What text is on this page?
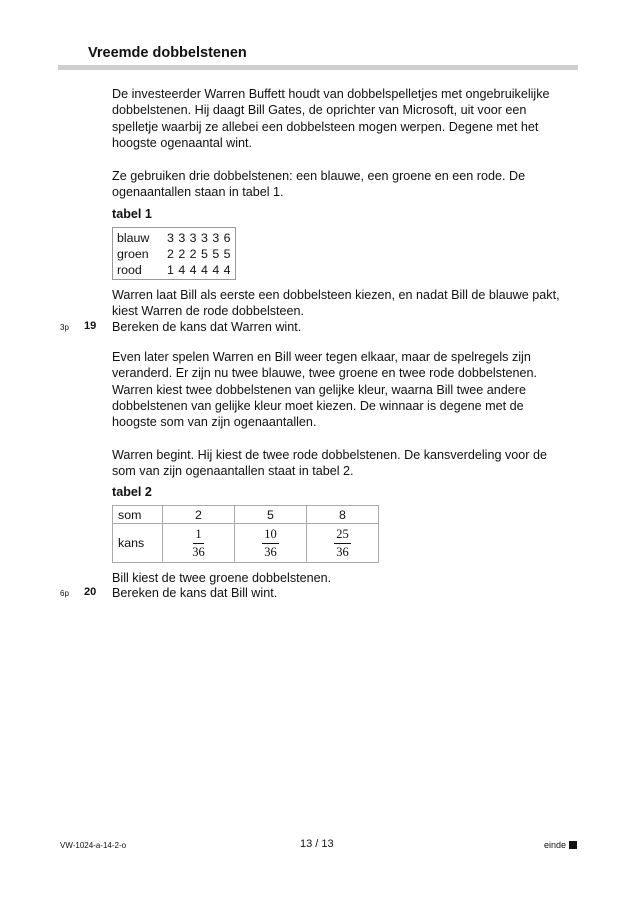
Vreemde dobbelstenen

De investeerder Warren Buffett houdt van dobbelspelletjes met ongebruikelijke dobbelstenen. Hij daagt Bill Gates, de oprichter van Microsoft, uit voor een spelletje waarbij ze allebei een dobbelsteen mogen werpen. Degene met het hoogste ogenaantal wint.

Ze gebruiken drie dobbelstenen: een blauwe, een groene en een rode. De ogenaantallen staan in tabel 1.

tabel 1
blauw	3 3 3 3 3 6
groen	2 2 2 5 5 5
rood	1 4 4 4 4 4

Warren laat Bill als eerste een dobbelsteen kiezen, en nadat Bill de blauwe pakt, kiest Warren de rode dobbelsteen.

3p 19 Bereken de kans dat Warren wint.

Even later spelen Warren en Bill weer tegen elkaar, maar de spelregels zijn veranderd. Er zijn nu twee blauwe, twee groene en twee rode dobbelstenen. Warren kiest twee dobbelstenen van gelijke kleur, waarna Bill twee andere dobbelstenen van gelijke kleur moet kiezen. De winnaar is degene met de hoogste som van zijn ogenaantallen.

Warren begint. Hij kiest de twee rode dobbelstenen. De kansverdeling voor de som van zijn ogenaantallen staat in tabel 2.

tabel 2
som	2	5	8
kans	$\frac{1}{36}$	$\frac{10}{36}$	$\frac{25}{36}$

Bill kiest de twee groene dobbelstenen.

6p 20 Bereken de kans dat Bill wint.

VW-1024-a-14-2-o	13 / 13	einde
